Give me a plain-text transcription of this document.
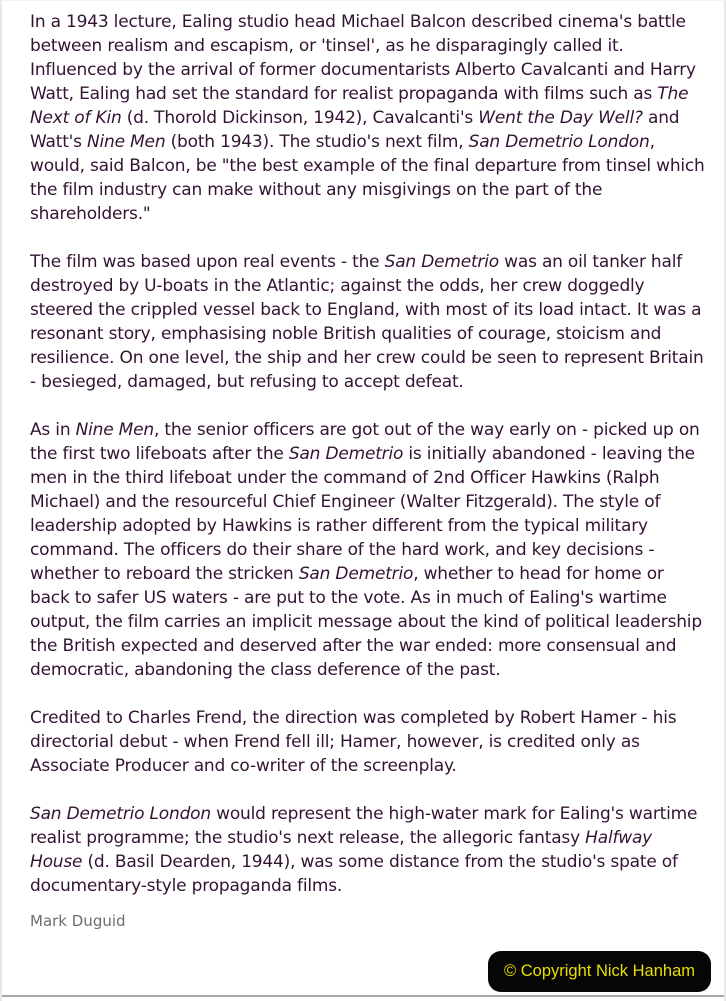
In a 1943 lecture, Ealing studio head Michael Balcon described cinema's battle between realism and escapism, or 'tinsel', as he disparagingly called it. Influenced by the arrival of former documentarists Alberto Cavalcanti and Harry Watt, Ealing had set the standard for realist propaganda with films such as The Next of Kin (d. Thorold Dickinson, 1942), Cavalcanti's Went the Day Well? and Watt's Nine Men (both 1943). The studio's next film, San Demetrio London, would, said Balcon, be "the best example of the final departure from tinsel which the film industry can make without any misgivings on the part of the shareholders."

The film was based upon real events - the San Demetrio was an oil tanker half destroyed by U-boats in the Atlantic; against the odds, her crew doggedly steered the crippled vessel back to England, with most of its load intact. It was a resonant story, emphasising noble British qualities of courage, stoicism and resilience. On one level, the ship and her crew could be seen to represent Britain - besieged, damaged, but refusing to accept defeat.

As in Nine Men, the senior officers are got out of the way early on - picked up on the first two lifeboats after the San Demetrio is initially abandoned - leaving the men in the third lifeboat under the command of 2nd Officer Hawkins (Ralph Michael) and the resourceful Chief Engineer (Walter Fitzgerald). The style of leadership adopted by Hawkins is rather different from the typical military command. The officers do their share of the hard work, and key decisions - whether to reboard the stricken San Demetrio, whether to head for home or back to safer US waters - are put to the vote. As in much of Ealing's wartime output, the film carries an implicit message about the kind of political leadership the British expected and deserved after the war ended: more consensual and democratic, abandoning the class deference of the past.

Credited to Charles Frend, the direction was completed by Robert Hamer - his directorial debut - when Frend fell ill; Hamer, however, is credited only as Associate Producer and co-writer of the screenplay.

San Demetrio London would represent the high-water mark for Ealing's wartime realist programme; the studio's next release, the allegoric fantasy Halfway House (d. Basil Dearden, 1944), was some distance from the studio's spate of documentary-style propaganda films.

Mark Duguid

© Copyright Nick Hanham
